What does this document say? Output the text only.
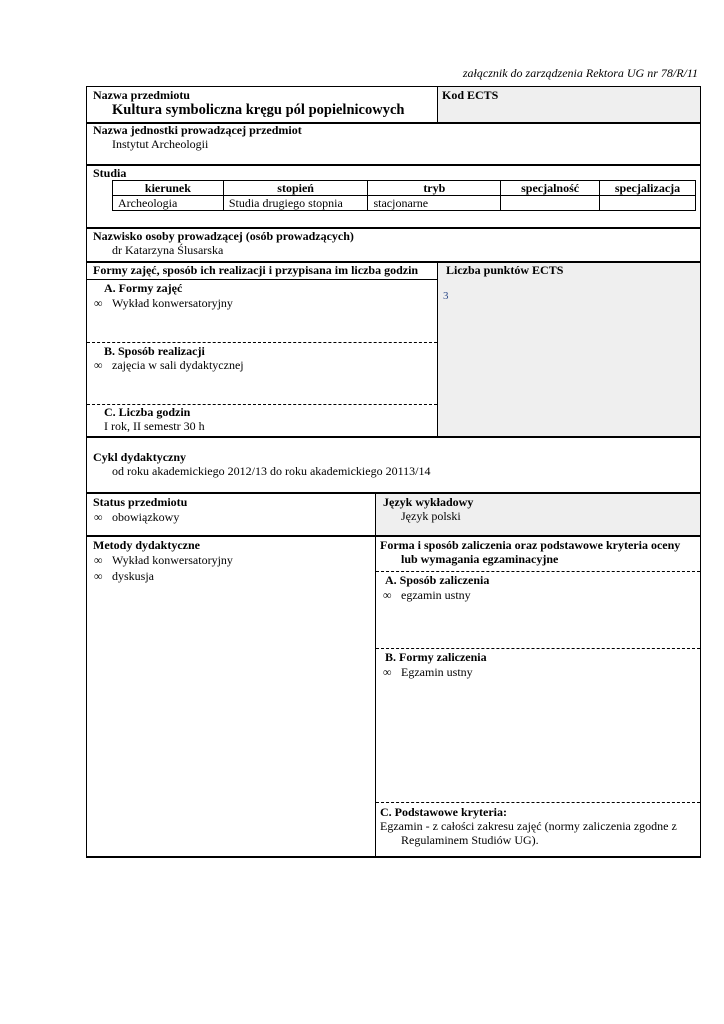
załącznik do zarządzenia Rektora UG nr 78/R/11
Nazwa przedmiotu
Kultura symboliczna kręgu pól popielnicowych
Kod ECTS
Nazwa jednostki prowadzącej przedmiot
Instytut Archeologii
Studia
kierunek	stopień	tryb	specjalność	specjalizacja
Archeologia	Studia drugiego stopnia	stacjonarne		
Nazwisko osoby prowadzącej (osób prowadzących)
dr Katarzyna Ślusarska
Formy zajęć, sposób ich realizacji i przypisana im liczba godzin
A. Formy zajęć
∞ Wykład konwersatoryjny
B. Sposób realizacji
∞ zajęcia w sali dydaktycznej
C. Liczba godzin
I rok, II semestr 30 h
Liczba punktów ECTS
3
Cykl dydaktyczny
od roku akademickiego 2012/13 do roku akademickiego 20113/14
Status przedmiotu
∞ obowiązkowy
Język wykładowy
Język polski
Metody dydaktyczne
∞ Wykład konwersatoryjny
∞ dyskusja
Forma i sposób zaliczenia oraz podstawowe kryteria oceny
lub wymagania egzaminacyjne
A. Sposób zaliczenia
∞ egzamin ustny
B. Formy zaliczenia
∞ Egzamin ustny
C. Podstawowe kryteria:
Egzamin - z całości zakresu zajęć (normy zaliczenia zgodne z
Regulaminem Studiów UG).
